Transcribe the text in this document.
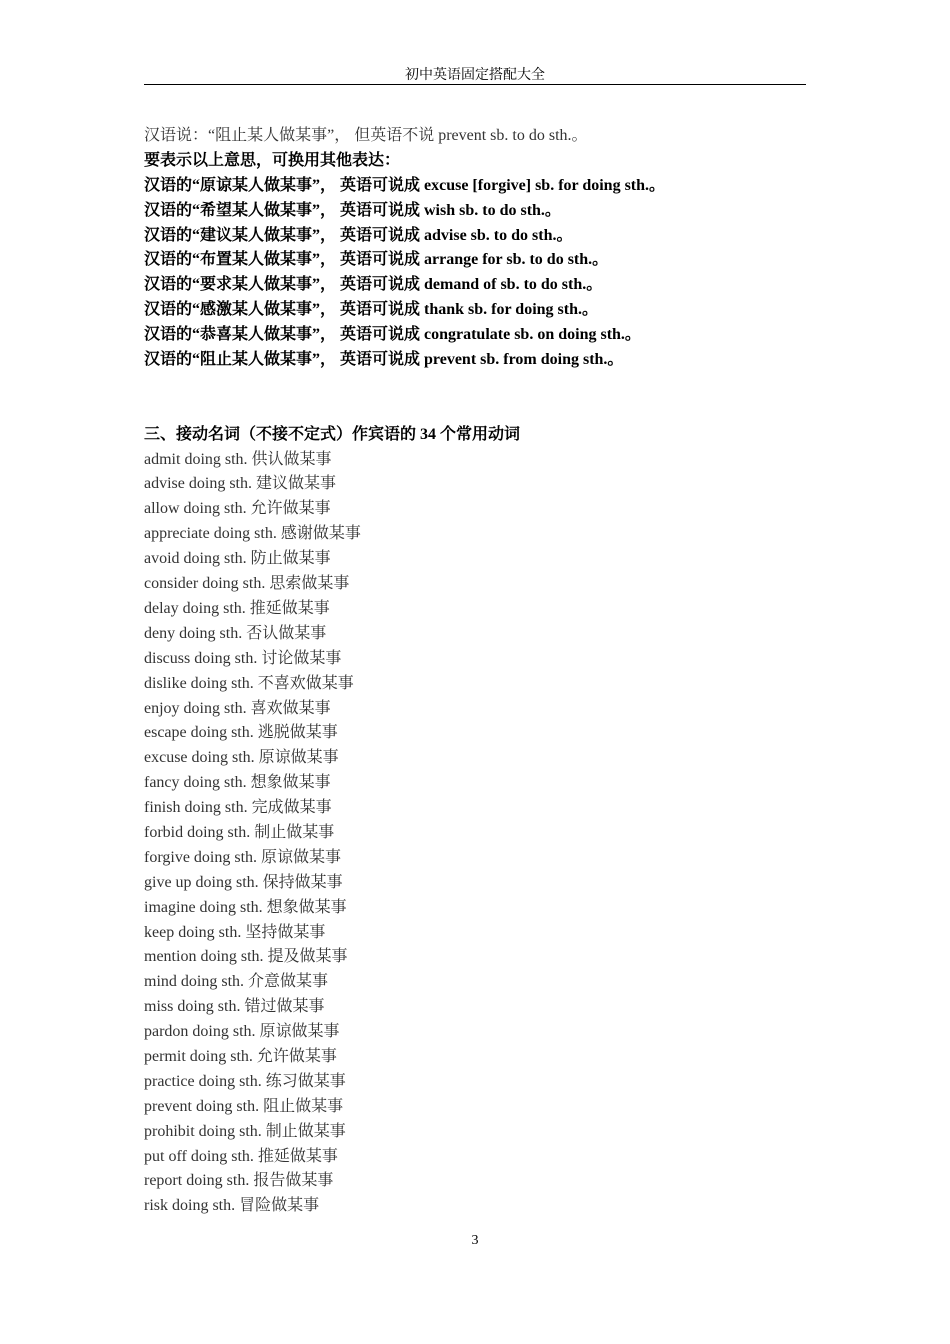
初中英语固定搭配大全
汉语说：“阻止某人做某事”， 但英语不说 prevent sb. to do sth.。
要表示以上意思，可换用其他表达：
汉语的“原谅某人做某事”， 英语可说成 excuse [forgive] sb. for doing sth.。
汉语的“希望某人做某事”， 英语可说成 wish sb. to do sth.。
汉语的“建议某人做某事”， 英语可说成 advise sb. to do sth.。
汉语的“布置某人做某事”， 英语可说成 arrange for sb. to do sth.。
汉语的“要求某人做某事”， 英语可说成 demand of sb. to do sth.。
汉语的“感激某人做某事”， 英语可说成 thank sb. for doing sth.。
汉语的“恭喜某人做某事”， 英语可说成 congratulate sb. on doing sth.。
汉语的“阻止某人做某事”， 英语可说成 prevent sb. from doing sth.。
三、接动名词（不接不定式）作宾语的 34 个常用动词
admit doing sth. 供认做某事
advise doing sth. 建议做某事
allow doing sth. 允许做某事
appreciate doing sth. 感谢做某事
avoid doing sth. 防止做某事
consider doing sth. 思索做某事
delay doing sth. 推延做某事
deny doing sth. 否认做某事
discuss doing sth. 讨论做某事
dislike doing sth. 不喜欢做某事
enjoy doing sth. 喜欢做某事
escape doing sth. 逃脱做某事
excuse doing sth. 原谅做某事
fancy doing sth. 想象做某事
finish doing sth. 完成做某事
forbid doing sth. 制止做某事
forgive doing sth. 原谅做某事
give up doing sth. 保持做某事
imagine doing sth. 想象做某事
keep doing sth. 坚持做某事
mention doing sth. 提及做某事
mind doing sth. 介意做某事
miss doing sth. 错过做某事
pardon doing sth. 原谅做某事
permit doing sth. 允许做某事
practice doing sth. 练习做某事
prevent doing sth. 阻止做某事
prohibit doing sth. 制止做某事
put off doing sth. 推延做某事
report doing sth. 报告做某事
risk doing sth. 冒险做某事
3
